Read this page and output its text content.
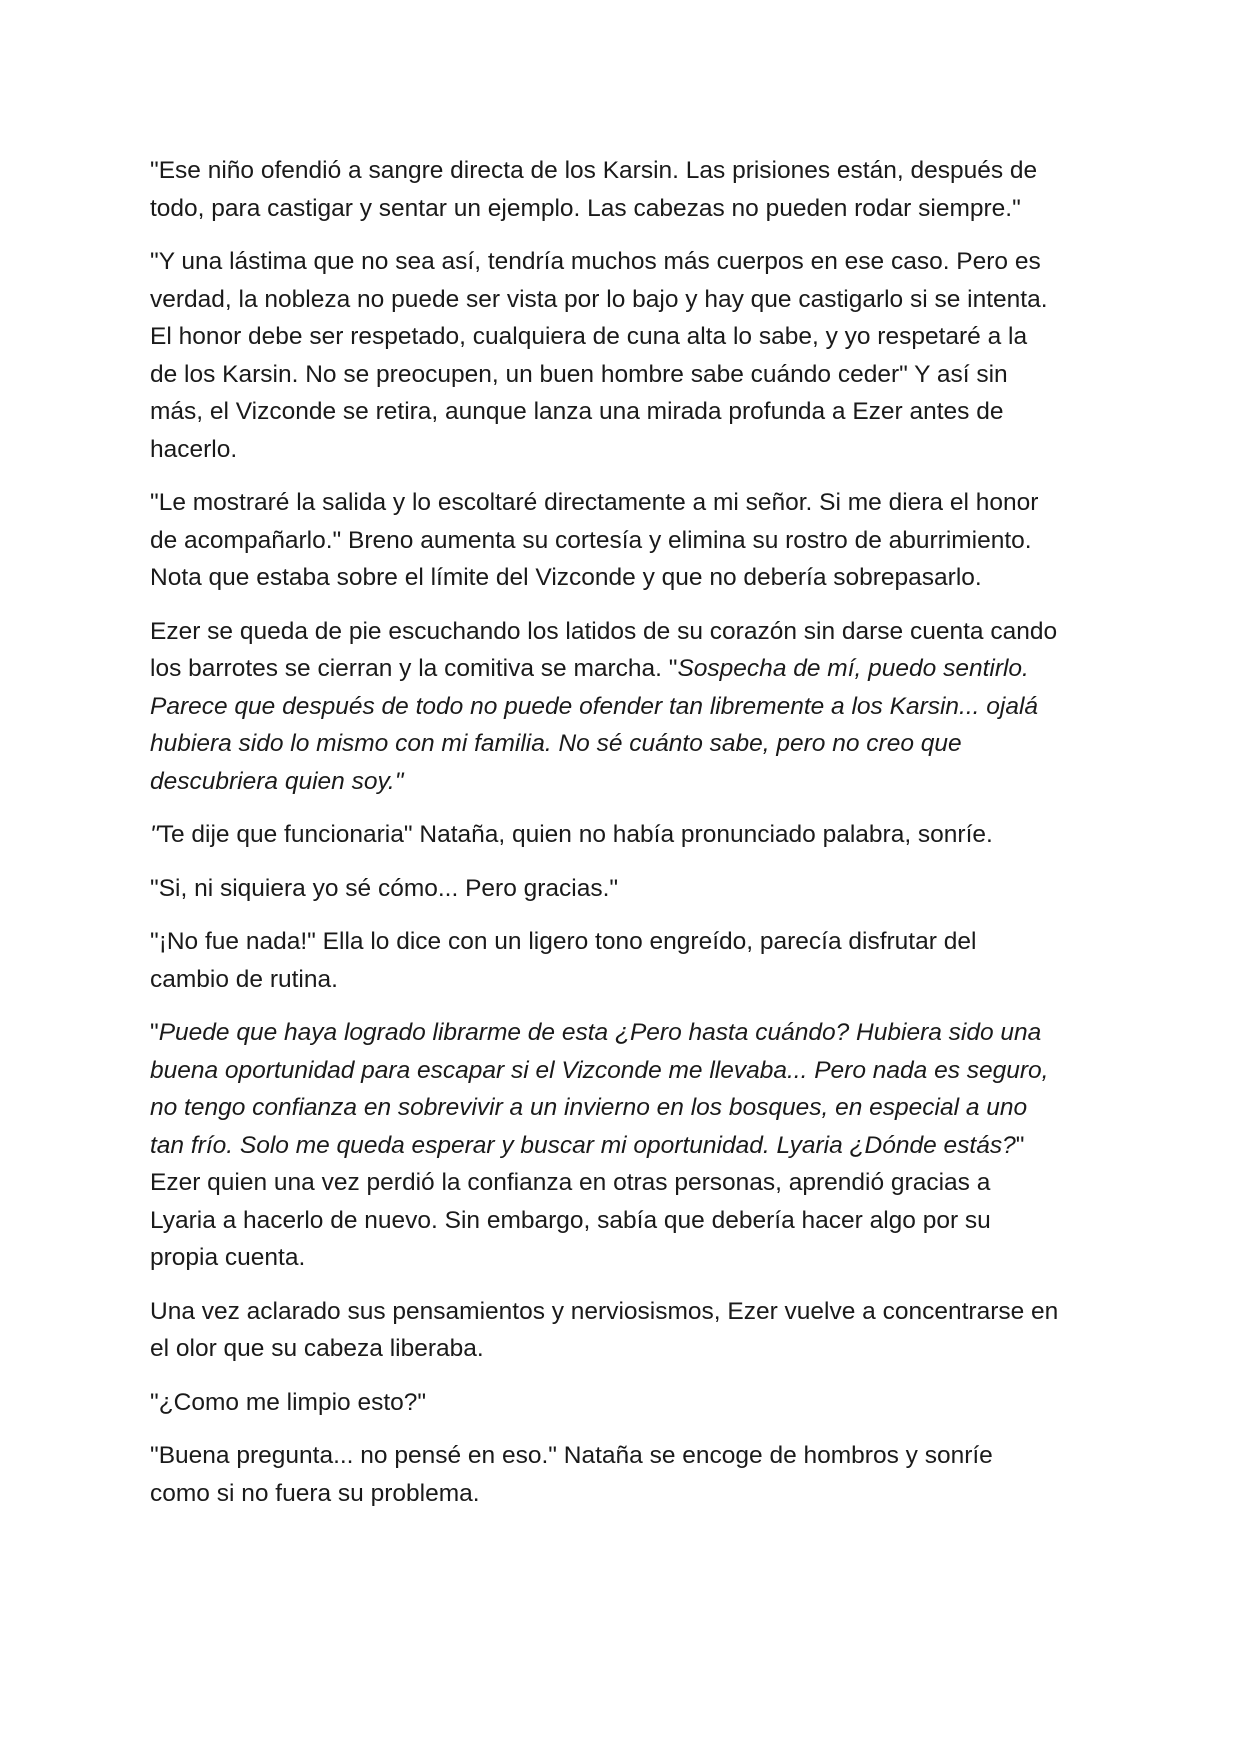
"Ese niño ofendió a sangre directa de los Karsin. Las prisiones están, después de
todo, para castigar y sentar un ejemplo. Las cabezas no pueden rodar siempre."

"Y una lástima que no sea así, tendría muchos más cuerpos en ese caso. Pero es
verdad, la nobleza no puede ser vista por lo bajo y hay que castigarlo si se intenta.
El honor debe ser respetado, cualquiera de cuna alta lo sabe, y yo respetaré a la
de los Karsin. No se preocupen, un buen hombre sabe cuándo ceder" Y así sin
más, el Vizconde se retira, aunque lanza una mirada profunda a Ezer antes de
hacerlo.

"Le mostraré la salida y lo escoltaré directamente a mi señor. Si me diera el honor
de acompañarlo." Breno aumenta su cortesía y elimina su rostro de aburrimiento.
Nota que estaba sobre el límite del Vizconde y que no debería sobrepasarlo.

Ezer se queda de pie escuchando los latidos de su corazón sin darse cuenta cando
los barrotes se cierran y la comitiva se marcha. "Sospecha de mí, puedo sentirlo.
Parece que después de todo no puede ofender tan libremente a los Karsin... ojalá
hubiera sido lo mismo con mi familia. No sé cuánto sabe, pero no creo que
descubriera quien soy."

"Te dije que funcionaria" Nataña, quien no había pronunciado palabra, sonríe.

"Si, ni siquiera yo sé cómo... Pero gracias."

"¡No fue nada!" Ella lo dice con un ligero tono engreído, parecía disfrutar del
cambio de rutina.

"Puede que haya logrado librarme de esta ¿Pero hasta cuándo? Hubiera sido una
buena oportunidad para escapar si el Vizconde me llevaba... Pero nada es seguro,
no tengo confianza en sobrevivir a un invierno en los bosques, en especial a uno
tan frío. Solo me queda esperar y buscar mi oportunidad. Lyaria ¿Dónde estás?"
Ezer quien una vez perdió la confianza en otras personas, aprendió gracias a
Lyaria a hacerlo de nuevo. Sin embargo, sabía que debería hacer algo por su
propia cuenta.

Una vez aclarado sus pensamientos y nerviosismos, Ezer vuelve a concentrarse en
el olor que su cabeza liberaba.

"¿Como me limpio esto?"

"Buena pregunta... no pensé en eso." Nataña se encoge de hombros y sonríe
como si no fuera su problema.
